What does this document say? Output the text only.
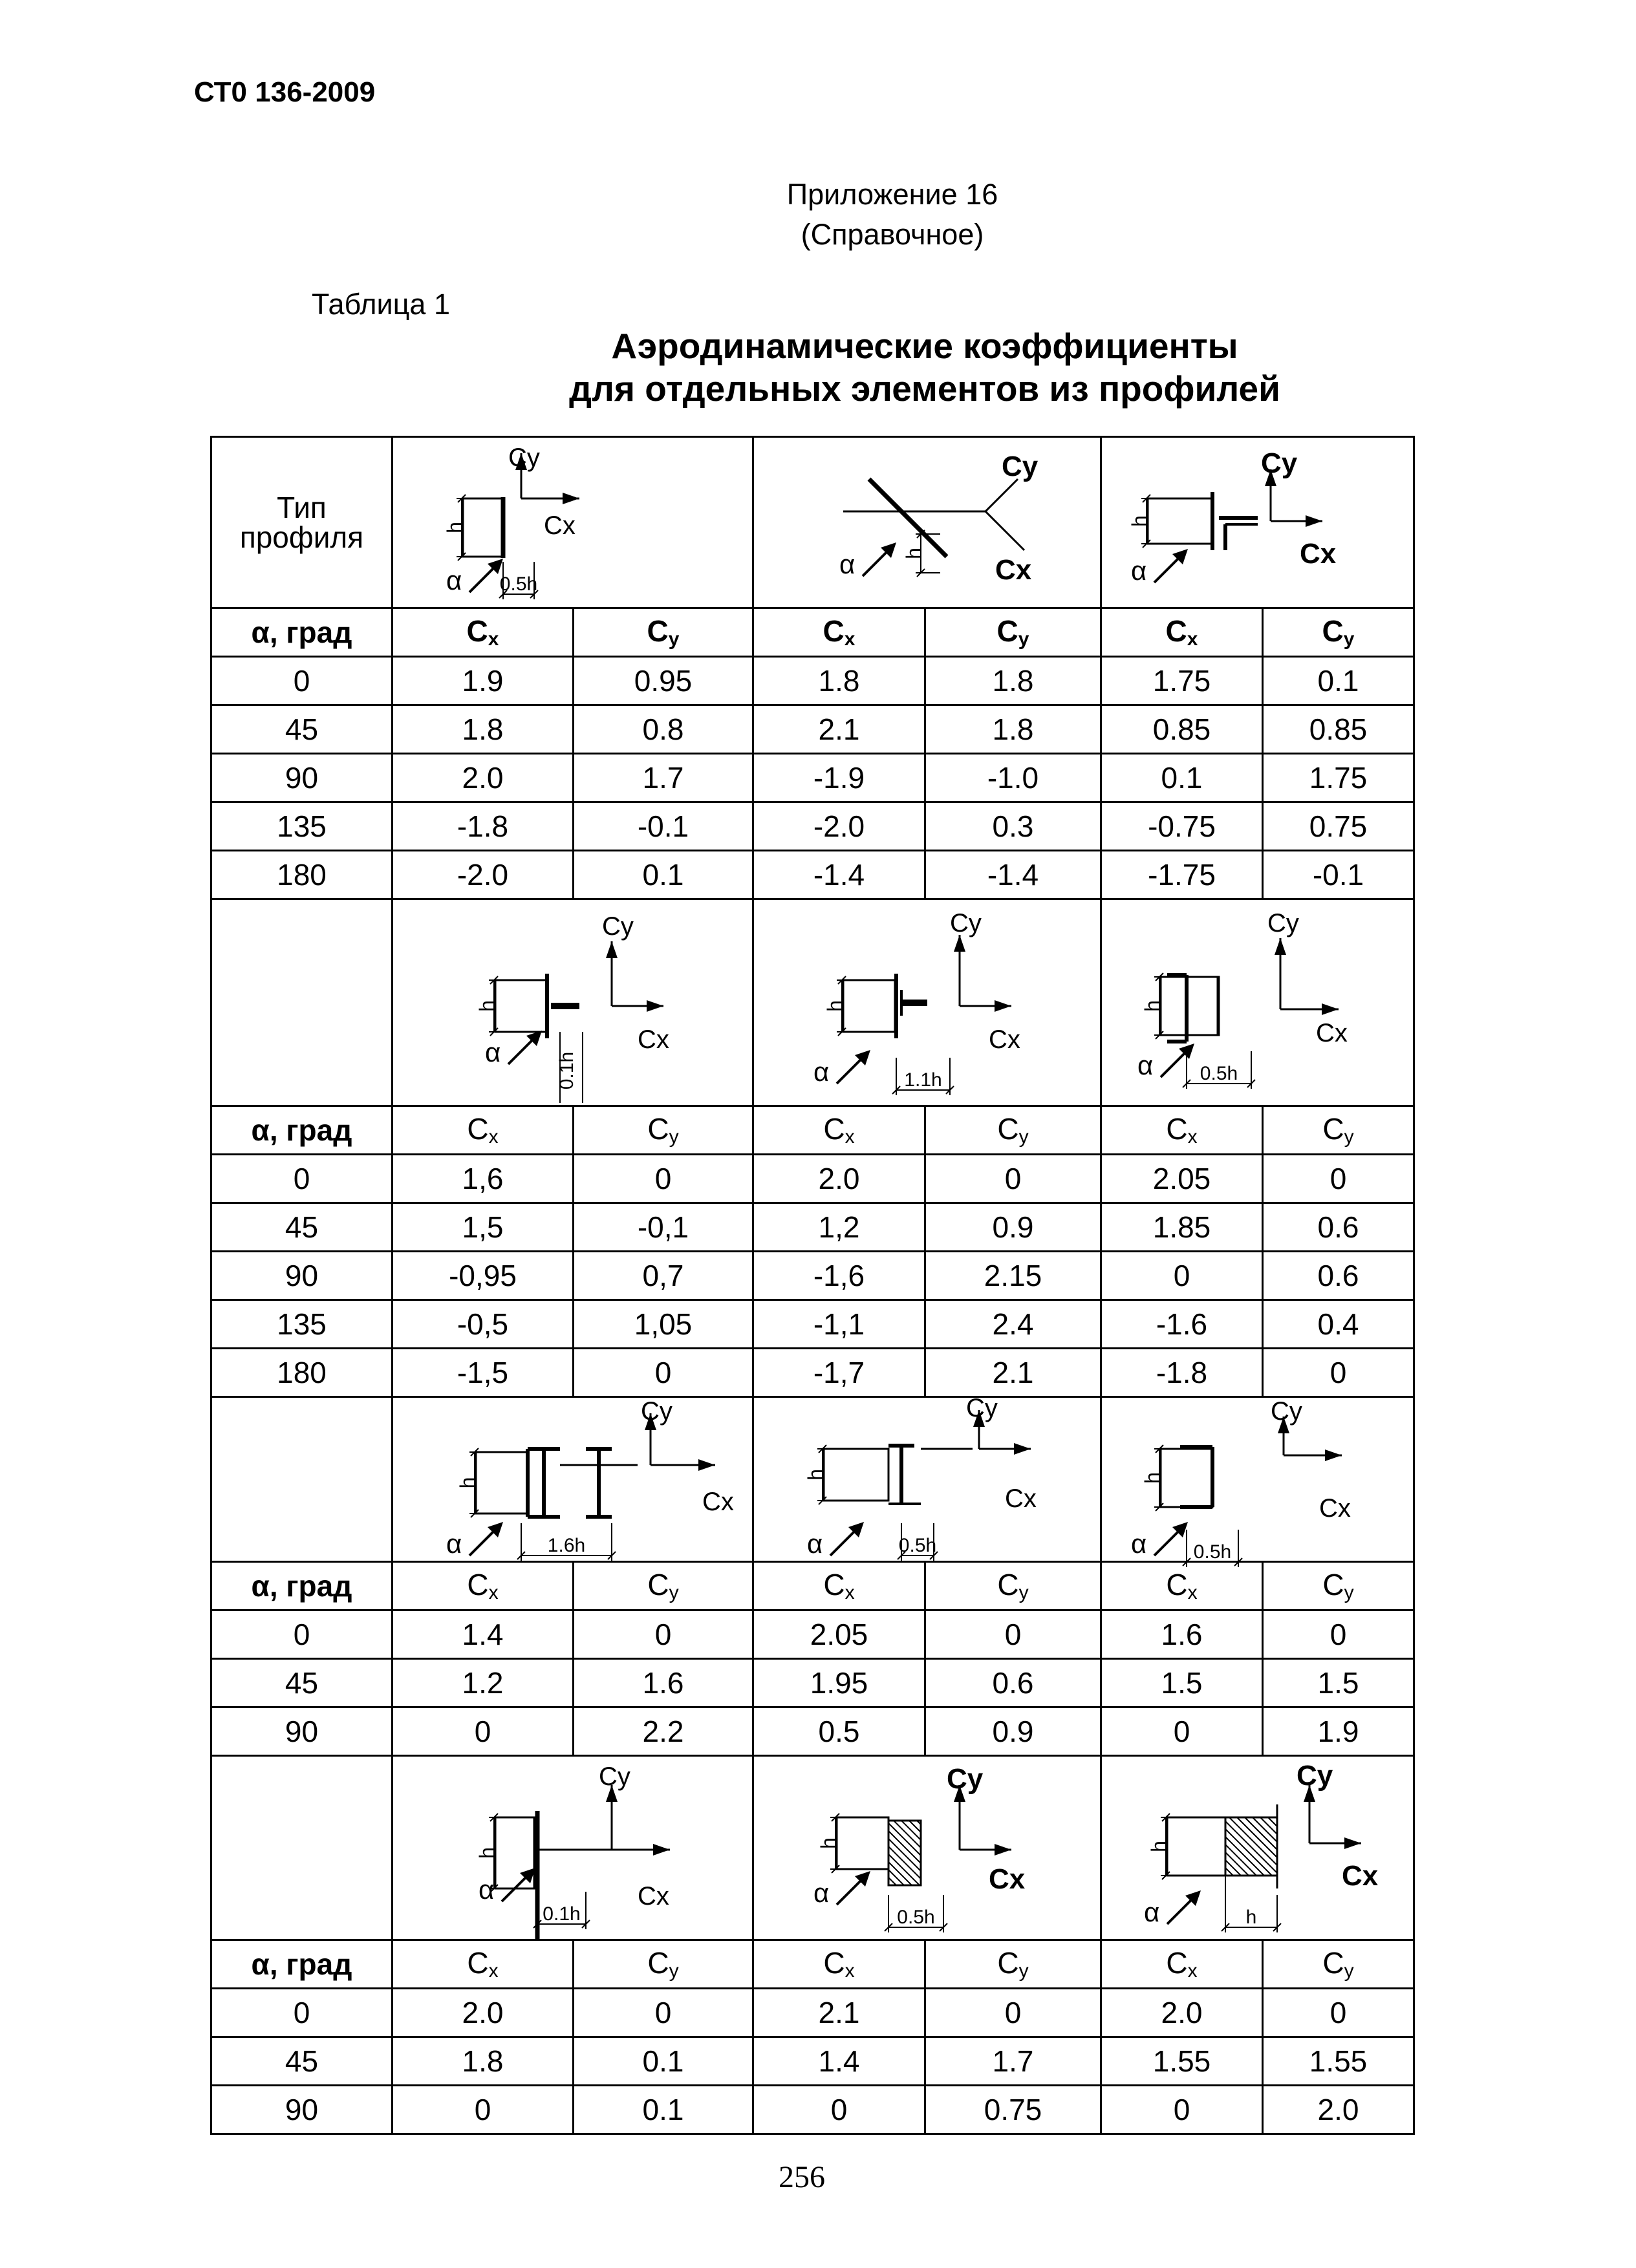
СТ0 136-2009
Приложение 16
(Справочное)
Таблица 1
Аэродинамические коэффициенты
для отдельных элементов из профилей
Тип профиля	h
α 0.5h
Cy
Cx		h
α
Cy
Cx		h
α
Cy
Cx	

α, град	$C_x$	$C_y$	$C_x$	$C_y$	$C_x$	$C_y$
0	1.9	0.95	1.8	1.8	1.75	0.1
45	1.8	0.8	2.1	1.8	0.85	0.85
90	2.0	1.7	-1.9	-1.0	0.1	1.75
135	-1.8	-0.1	-2.0	0.3	-0.75	0.75
180	-2.0	0.1	-1.4	-1.4	-1.75	-0.1

h
α 0.1h
Cy
Cx		h
α 1.1h
Cy
Cx		h
α 0.5h
Cy
Cx	

α, град	$C_x$	$C_y$	$C_x$	$C_y$	$C_x$	$C_y$
0	1,6	0	2.0	0	2.05	0
45	1,5	-0,1	1,2	0.9	1.85	0.6
90	-0,95	0,7	-1,6	2.15	0	0.6
135	-0,5	1,05	-1,1	2.4	-1.6	0.4
180	-1,5	0	-1,7	2.1	-1.8	0

h
α 1.6h
Cy
Cx		h
α 0.5h
Cy
Cx		h
α 0.5h
Cy
Cx	

α, град	$C_x$	$C_y$	$C_x$	$C_y$	$C_x$	$C_y$
0	1.4	0	2.05	0	1.6	0
45	1.2	1.6	1.95	0.6	1.5	1.5
90	0	2.2	0.5	0.9	0	1.9

h
α
0.1h
Cy
Cx		h
α
0.5h
Cy
Cx		h
α h
Cy
Cx	

α, град	$C_x$	$C_y$	$C_x$	$C_y$	$C_x$	$C_y$
0	2.0	0	2.1	0	2.0	0
45	1.8	0.1	1.4	1.7	1.55	1.55
90	0	0.1	0	0.75	0	2.0
256
